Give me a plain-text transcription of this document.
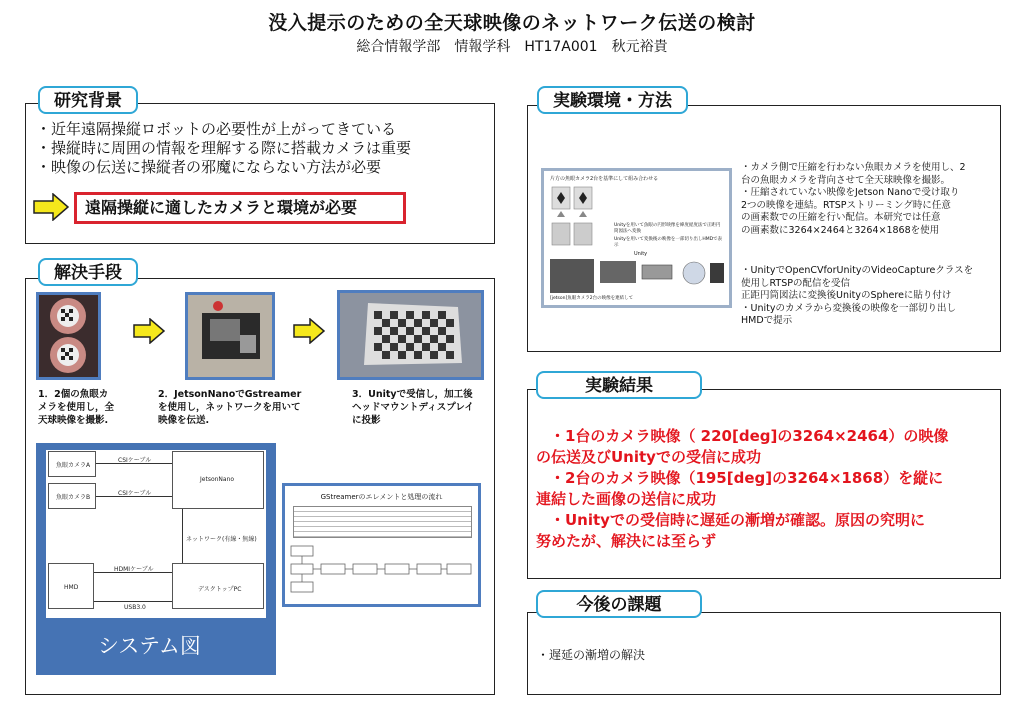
没入提示のための全天球映像のネットワーク伝送の検討
総合情報学部　情報学科　HT17A001　秋元裕貴
研究背景
・近年遠隔操縦ロボットの必要性が上がってきている
・操縦時に周囲の情報を理解する際に搭載カメラは重要
・映像の伝送に操縦者の邪魔にならない方法が必要
遠隔操縦に適したカメラと環境が必要
解決手段
1．2個の魚眼カメラを使用し，全天球映像を撮影.
2．JetsonNanoでGstreamerを使用し，ネットワークを用いて映像を伝送.
3．Unityで受信し，加工後ヘッドマウントディスプレイに投影
魚眼カメラA
魚眼カメラB
JetsonNano
CSIケーブル
CSIケーブル
ネットワーク(有線・無線)
HMD	デスクトップPC
HDMIケーブル
USB3.0
システム図
GStreamerのエレメントと処理の流れ
実験環境・方法
片方の魚眼カメラ2台を基準にして組み合わせる
Unityを用いて魚眼の円形映像を緯度経度法で正距円筒図法へ変換
Unityを用いて変換後の映像を一部切り出しHMDで表示
Unity
[jetson]魚眼カメラ2台の映像を連結して
・カメラ側で圧縮を行わない魚眼カメラを使用し、2
台の魚眼カメラを背向させて全天球映像を撮影。
・圧縮されていない映像をJetson Nanoで受け取り
2つの映像を連結。RTSPストリーミング時に任意
の画素数での圧縮を行い配信。本研究では任意
の画素数に3264×2464と3264×1868を使用
・UnityでOpenCVforUnityのVideoCaptureクラスを
使用しRTSPの配信を受信
正距円筒図法に変換後UnityのSphereに貼り付け
・Unityのカメラから変換後の映像を一部切り出し
HMDで提示
実験結果
・1台のカメラ映像（ 220[deg]の3264×2464）の映像
の伝送及びUnityでの受信に成功
・2台のカメラ映像（195[deg]の3264×1868）を縦に
連結した画像の送信に成功
・Unityでの受信時に遅延の漸増が確認。原因の究明に
努めたが、解決には至らず
今後の課題
・遅延の漸増の解決
